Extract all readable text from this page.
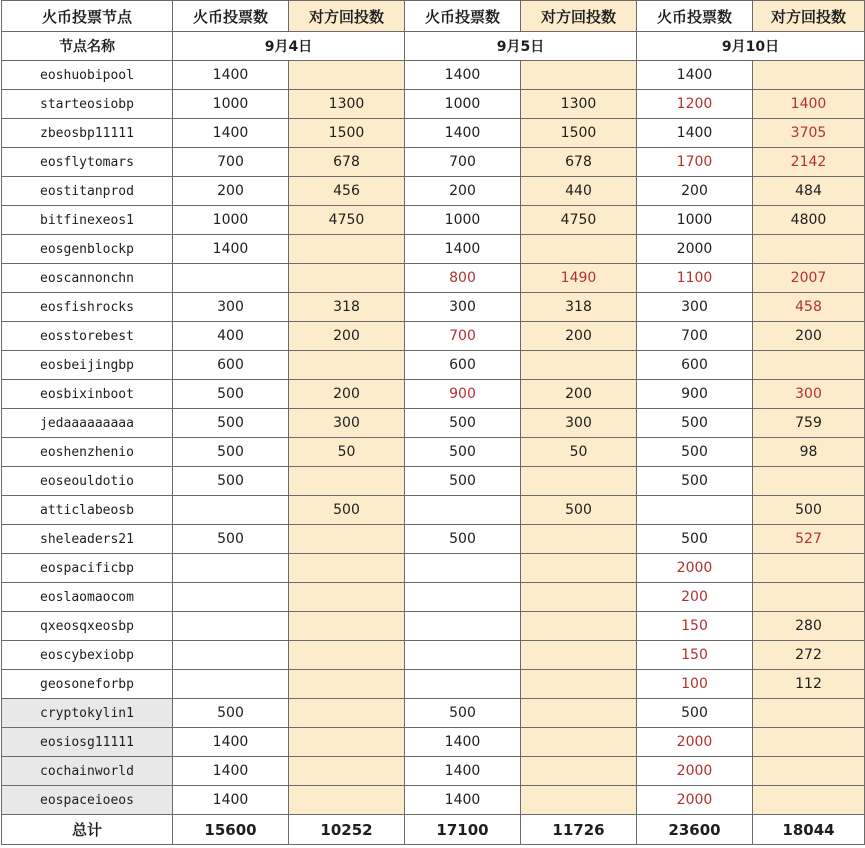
火币投票节点	火币投票数	对方回投数	火币投票数	对方回投数	火币投票数	对方回投数
节点名称	9月4日		9月5日		9月10日	
eoshuobipool	1400		1400		1400	
starteosiobp	1000	1300	1000	1300	1200	1400
zbeosbp11111	1400	1500	1400	1500	1400	3705
eosflytomars	700	678	700	678	1700	2142
eostitanprod	200	456	200	440	200	484
bitfinexeos1	1000	4750	1000	4750	1000	4800
eosgenblockp	1400		1400		2000	
eoscannonchn			800	1490	1100	2007
eosfishrocks	300	318	300	318	300	458
eosstorebest	400	200	700	200	700	200
eosbeijingbp	600		600		600	
eosbixinboot	500	200	900	200	900	300
jedaaaaaaaaa	500	300	500	300	500	759
eoshenzhenio	500	50	500	50	500	98
eoseouldotio	500		500		500	
atticlabeosb		500		500		500
sheleaders21	500		500		500	527
eospacificbp					2000	
eoslaomaocom					200	
qxeosqxeosbp					150	280
eoscybexiobp					150	272
geosoneforbp					100	112
cryptokylin1	500		500		500	
eosiosg11111	1400		1400		2000	
cochainworld	1400		1400		2000	
eospaceioeos	1400		1400		2000	
总计	15600	10252	17100	11726	23600	18044
